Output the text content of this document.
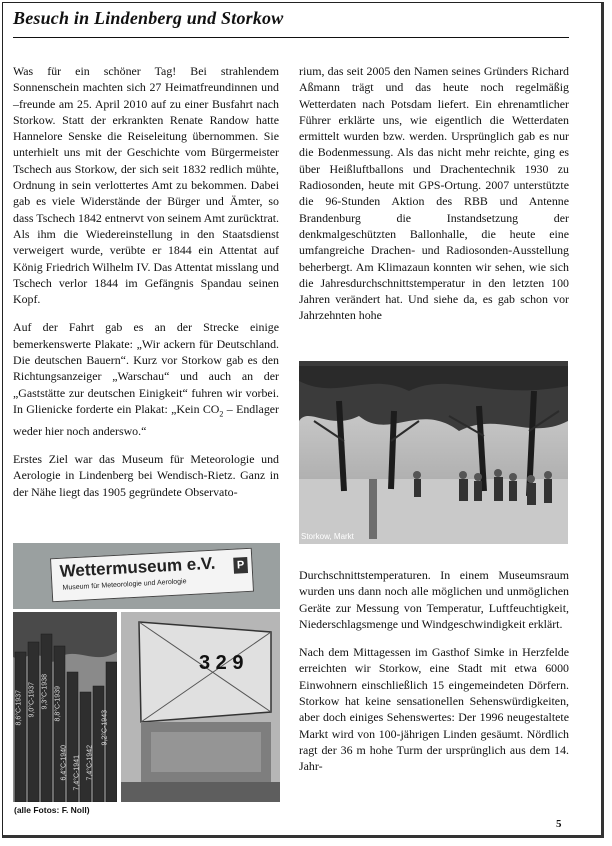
Besuch in Lindenberg und Storkow

Was für ein schöner Tag! Bei strahlendem Sonnenschein machten sich 27 Heimatfreundinnen und –freunde am 25. April 2010 auf zu einer Busfahrt nach Storkow. Statt der erkrankten Renate Randow hatte Hannelore Senske die Reiseleitung übernommen. Sie unterhielt uns mit der Geschichte vom Bürgermeister Tschech aus Storkow, der sich seit 1832 redlich mühte, Ordnung in sein verlottertes Amt zu bekommen. Dabei gab es viele Widerstände der Bürger und Ämter, so dass Tschech 1842 entnervt von seinem Amt zurücktrat. Als ihm die Wiedereinstellung in den Staatsdienst verweigert wurde, verübte er 1844 ein Attentat auf König Friedrich Wilhelm IV. Das Attentat misslang und Tschech verlor 1844 im Gefängnis Spandau seinen Kopf.

Auf der Fahrt gab es an der Strecke einige bemerkenswerte Plakate: „Wir ackern für Deutschland. Die deutschen Bauern“. Kurz vor Storkow gab es den Richtungsanzeiger „Warschau“ und auch an der „Gaststätte zur deutschen Einigkeit“ fuhren wir vorbei. In Glienicke forderte ein Plakat: „Kein $CO_2$ – Endlager weder hier noch anderswo.“

Erstes Ziel war das Museum für Meteorologie und Aerologie in Lindenberg bei Wendisch-Rietz. Ganz in der Nähe liegt das 1905 gegründete Observato-

rium, das seit 2005 den Namen seines Gründers Richard Aßmann trägt und das heute noch regelmäßig Wetterdaten nach Potsdam liefert. Ein ehrenamtlicher Führer erklärte uns, wie eigentlich die Wetterdaten ermittelt wurden bzw. werden. Ursprünglich gab es nur die Bodenmessung. Als das nicht mehr reichte, ging es über Heißluftballons und Drachentechnik 1930 zu Radiosonden, heute mit GPS-Ortung. 2007 unterstützte die 96-Stunden Aktion des RBB und Antenne Brandenburg die Instandsetzung der denkmalgeschützten Ballonhalle, die heute eine umfangreiche Drachen- und Radiosonden-Ausstellung beherbergt. Am Klimazaun konnten wir sehen, wie sich die Jahresdurchschnittstemperatur in den letzten 100 Jahren verändert hat. Und siehe da, es gab schon vor Jahrzehnten hohe

Storkow, Markt

Durchschnittstemperaturen. In einem Museumsraum wurden uns dann noch alle möglichen und unmöglichen Geräte zur Messung von Temperatur, Luftfeuchtigkeit, Niederschlagsmenge und Windgeschwindigkeit erklärt.

Nach dem Mittagessen im Gasthof Simke in Herzfelde erreichten wir Storkow, eine Stadt mit etwa 6000 Einwohnern einschließlich 15 eingemeindeten Dörfern. Storkow hat keine sensationellen Sehenswürdigkeiten, aber doch einiges Sehenswertes: Der 1996 neugestaltete Markt wird von 100-jährigen Linden gesäumt. Nördlich ragt der 36 m hohe Turm der ursprünglich aus dem 14. Jahr-

Wettermuseum e.V.
Museum für Meteorologie und Aerologie
P
8,6°C-1937 9,0°C-1937 9,3°C-1938 8,8°C-1939
6,4°C-1940 7,4°C-1941 7,4°C-1942
9,2°C-1943
3 2 9
(alle Fotos: F. Noll)
5
